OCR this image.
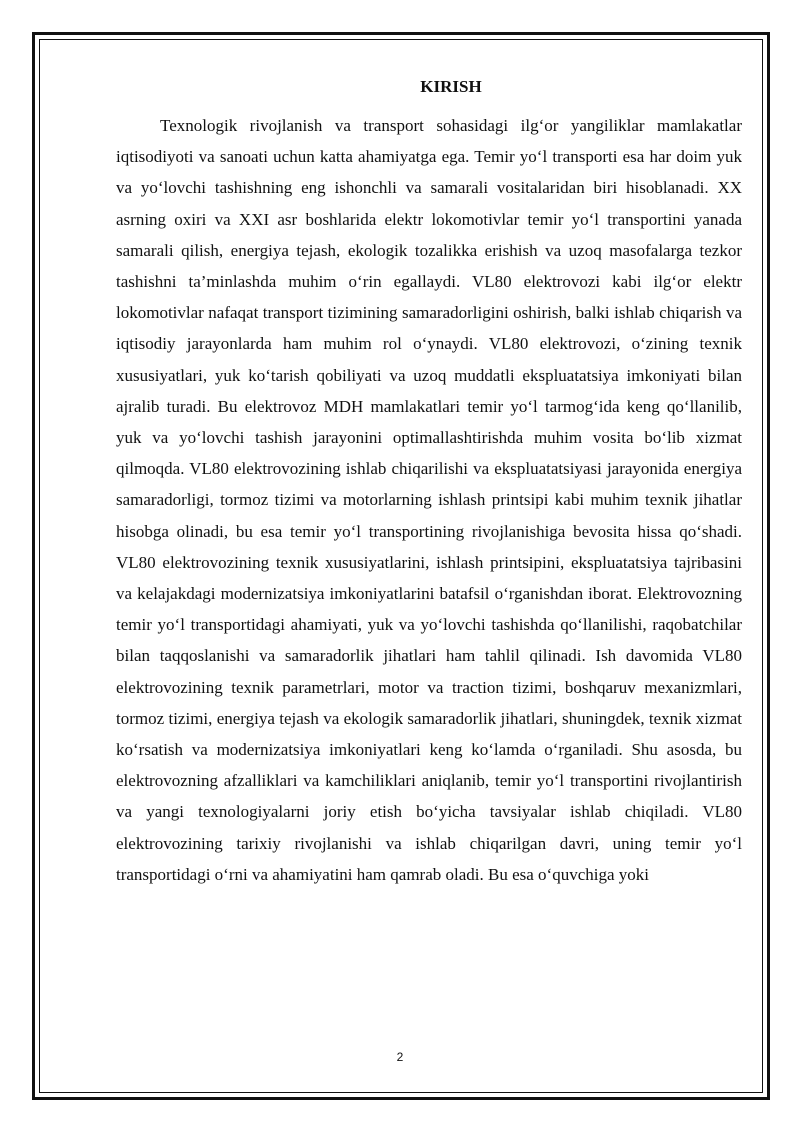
KIRISH

Texnologik rivojlanish va transport sohasidagi ilg‘or yangiliklar mamlakatlar iqtisodiyoti va sanoati uchun katta ahamiyatga ega. Temir yo‘l transporti esa har doim yuk va yo‘lovchi tashishning eng ishonchli va samarali vositalaridan biri hisoblanadi. XX asrning oxiri va XXI asr boshlarida elektr lokomotivlar temir yo‘l transportini yanada samarali qilish, energiya tejash, ekologik tozalikka erishish va uzoq masofalarga tezkor tashishni ta’minlashda muhim o‘rin egallaydi. VL80 elektrovozi kabi ilg‘or elektr lokomotivlar nafaqat transport tizimining samaradorligini oshirish, balki ishlab chiqarish va iqtisodiy jarayonlarda ham muhim rol o‘ynaydi. VL80 elektrovozi, o‘zining texnik xususiyatlari, yuk ko‘tarish qobiliyati va uzoq muddatli ekspluatatsiya imkoniyati bilan ajralib turadi. Bu elektrovoz MDH mamlakatlari temir yo‘l tarmog‘ida keng qo‘llanilib, yuk va yo‘lovchi tashish jarayonini optimallashtirishda muhim vosita bo‘lib xizmat qilmoqda. VL80 elektrovozining ishlab chiqarilishi va ekspluatatsiyasi jarayonida energiya samaradorligi, tormoz tizimi va motorlarning ishlash printsipi kabi muhim texnik jihatlar hisobga olinadi, bu esa temir yo‘l transportining rivojlanishiga bevosita hissa qo‘shadi. VL80 elektrovozining texnik xususiyatlarini, ishlash printsipini, ekspluatatsiya tajribasini va kelajakdagi modernizatsiya imkoniyatlarini batafsil o‘rganishdan iborat. Elektrovozning temir yo‘l transportidagi ahamiyati, yuk va yo‘lovchi tashishda qo‘llanilishi, raqobatchilar bilan taqqoslanishi va samaradorlik jihatlari ham tahlil qilinadi. Ish davomida VL80 elektrovozining texnik parametrlari, motor va traction tizimi, boshqaruv mexanizmlari, tormoz tizimi, energiya tejash va ekologik samaradorlik jihatlari, shuningdek, texnik xizmat ko‘rsatish va modernizatsiya imkoniyatlari keng ko‘lamda o‘rganiladi. Shu asosda, bu elektrovozning afzalliklari va kamchiliklari aniqlanib, temir yo‘l transportini rivojlantirish va yangi texnologiyalarni joriy etish bo‘yicha tavsiyalar ishlab chiqiladi. VL80 elektrovozining tarixiy rivojlanishi va ishlab chiqarilgan davri, uning temir yo‘l transportidagi o‘rni va ahamiyatini ham qamrab oladi. Bu esa o‘quvchiga yoki

2
